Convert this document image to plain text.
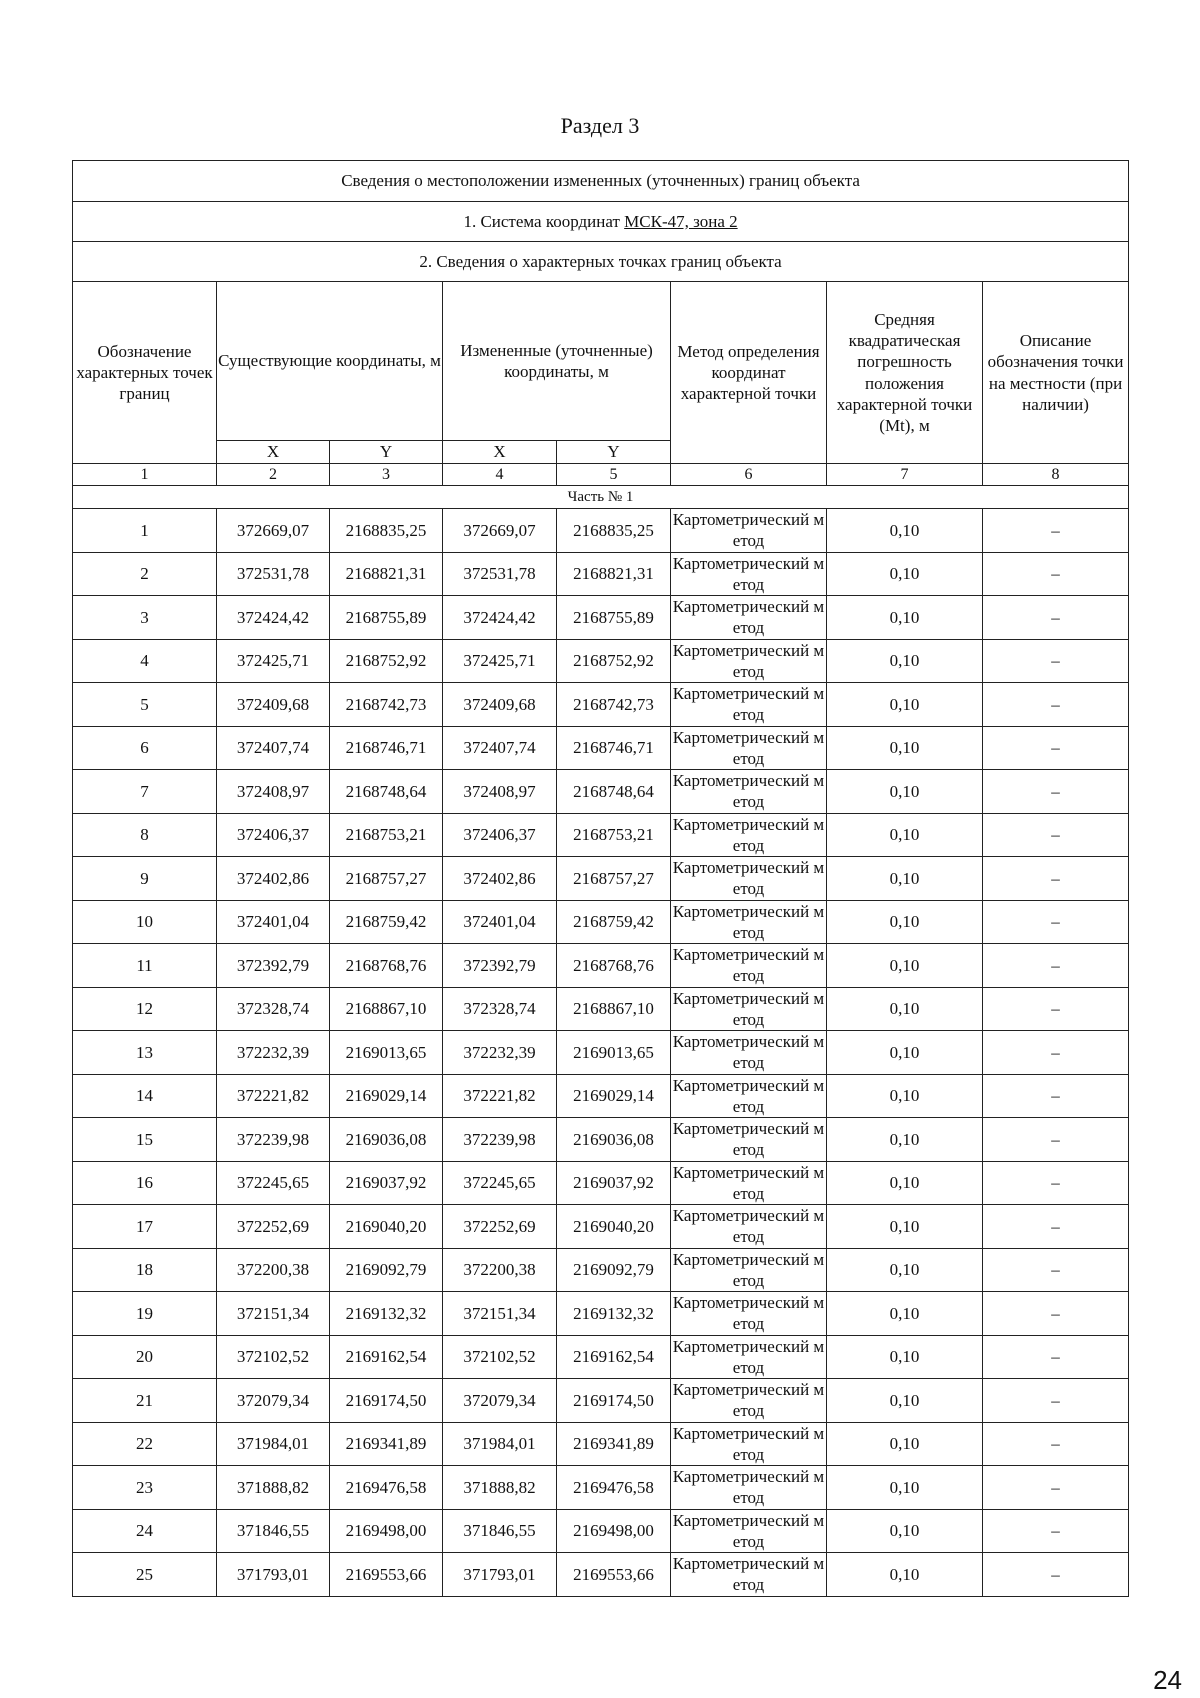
Раздел 3
Сведения о местоположении измененных (уточненных) границ объекта							
1. Система координат МСК-47, зона 2							
2. Сведения о характерных точках границ объекта							
Обозначение характерных точек границ	Существующие координаты, м		Измененные (уточненные) координаты, м		Метод определения координат характерной точки	Средняя квадратическая погрешность положения характерной точки (Mt), м	Описание обозначения точки на местности (при наличии)
	X	Y	X	Y			
1	2	3	4	5	6	7	8
Часть № 1							
1	372669,07	2168835,25	372669,07	2168835,25	Картометрический метод	0,10	–
2	372531,78	2168821,31	372531,78	2168821,31	Картометрический метод	0,10	–
3	372424,42	2168755,89	372424,42	2168755,89	Картометрический метод	0,10	–
4	372425,71	2168752,92	372425,71	2168752,92	Картометрический метод	0,10	–
5	372409,68	2168742,73	372409,68	2168742,73	Картометрический метод	0,10	–
6	372407,74	2168746,71	372407,74	2168746,71	Картометрический метод	0,10	–
7	372408,97	2168748,64	372408,97	2168748,64	Картометрический метод	0,10	–
8	372406,37	2168753,21	372406,37	2168753,21	Картометрический метод	0,10	–
9	372402,86	2168757,27	372402,86	2168757,27	Картометрический метод	0,10	–
10	372401,04	2168759,42	372401,04	2168759,42	Картометрический метод	0,10	–
11	372392,79	2168768,76	372392,79	2168768,76	Картометрический метод	0,10	–
12	372328,74	2168867,10	372328,74	2168867,10	Картометрический метод	0,10	–
13	372232,39	2169013,65	372232,39	2169013,65	Картометрический метод	0,10	–
14	372221,82	2169029,14	372221,82	2169029,14	Картометрический метод	0,10	–
15	372239,98	2169036,08	372239,98	2169036,08	Картометрический метод	0,10	–
16	372245,65	2169037,92	372245,65	2169037,92	Картометрический метод	0,10	–
17	372252,69	2169040,20	372252,69	2169040,20	Картометрический метод	0,10	–
18	372200,38	2169092,79	372200,38	2169092,79	Картометрический метод	0,10	–
19	372151,34	2169132,32	372151,34	2169132,32	Картометрический метод	0,10	–
20	372102,52	2169162,54	372102,52	2169162,54	Картометрический метод	0,10	–
21	372079,34	2169174,50	372079,34	2169174,50	Картометрический метод	0,10	–
22	371984,01	2169341,89	371984,01	2169341,89	Картометрический метод	0,10	–
23	371888,82	2169476,58	371888,82	2169476,58	Картометрический метод	0,10	–
24	371846,55	2169498,00	371846,55	2169498,00	Картометрический метод	0,10	–
25	371793,01	2169553,66	371793,01	2169553,66	Картометрический метод	0,10	–
24
